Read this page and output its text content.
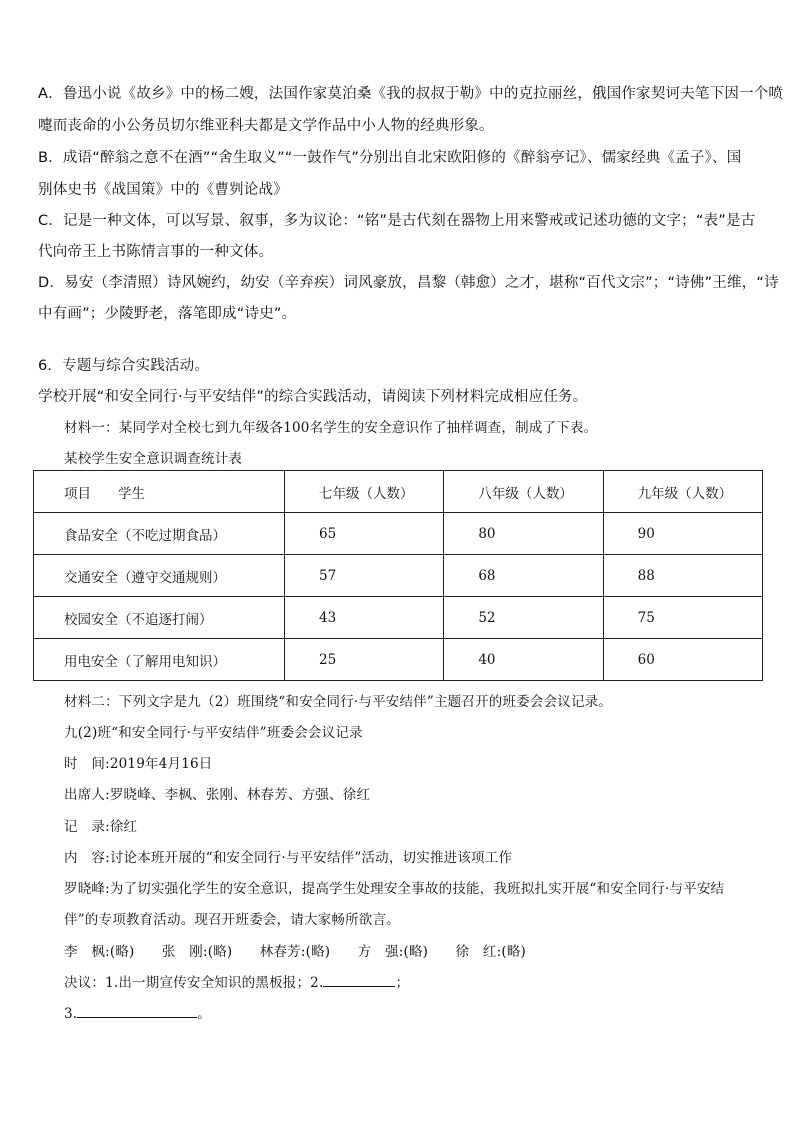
A．鲁迅小说《故乡》中的杨二嫂，法国作家莫泊桑《我的叔叔于勒》中的克拉丽丝，俄国作家契诃夫笔下因一个喷
嚏而丧命的小公务员切尔维亚科夫都是文学作品中小人物的经典形象。
B．成语“醉翁之意不在酒”“舍生取义”“一鼓作气”分别出自北宋欧阳修的《醉翁亭记》、儒家经典《孟子》、国
别体史书《战国策》中的《曹刿论战》
C．记是一种文体，可以写景、叙事，多为议论：“铭”是古代刻在器物上用来警戒或记述功德的文字；“表”是古
代向帝王上书陈情言事的一种文体。
D．易安（李清照）诗风婉约，幼安（辛弃疾）词风豪放，昌黎（韩愈）之才，堪称“百代文宗”；“诗佛”王维，“诗
中有画”；少陵野老，落笔即成“诗史”。
6．专题与综合实践活动。
学校开展“和安全同行·与平安结伴”的综合实践活动，请阅读下列材料完成相应任务。
材料一：某同学对全校七到九年级各100名学生的安全意识作了抽样调查，制成了下表。
某校学生安全意识调查统计表
项目　　学生	七年级（人数）	八年级（人数）	九年级（人数）
食品安全（不吃过期食品）	65	80	90
交通安全（遵守交通规则）	57	68	88
校园安全（不追逐打闹）	43	52	75
用电安全（了解用电知识）	25	40	60
材料二：下列文字是九（2）班围绕“和安全同行·与平安结伴”主题召开的班委会会议记录。
九(2)班“和安全同行·与平安结伴”班委会会议记录
时　间:2019年4月16日
出席人:罗晓峰、李枫、张刚、林春芳、方强、徐红
记　录:徐红
内　容:讨论本班开展的“和安全同行·与平安结伴”活动，切实推进该项工作
罗晓峰:为了切实强化学生的安全意识，提高学生处理安全事故的技能，我班拟扎实开展“和安全同行·与平安结
伴”的专项教育活动。现召开班委会，请大家畅所欲言。
李　枫:(略)　　张　刚:(略)　　林春芳:(略)　　方　强:(略)　　徐　红:(略)
决议：1.出一期宣传安全知识的黑板报；2.	；
3.	。
